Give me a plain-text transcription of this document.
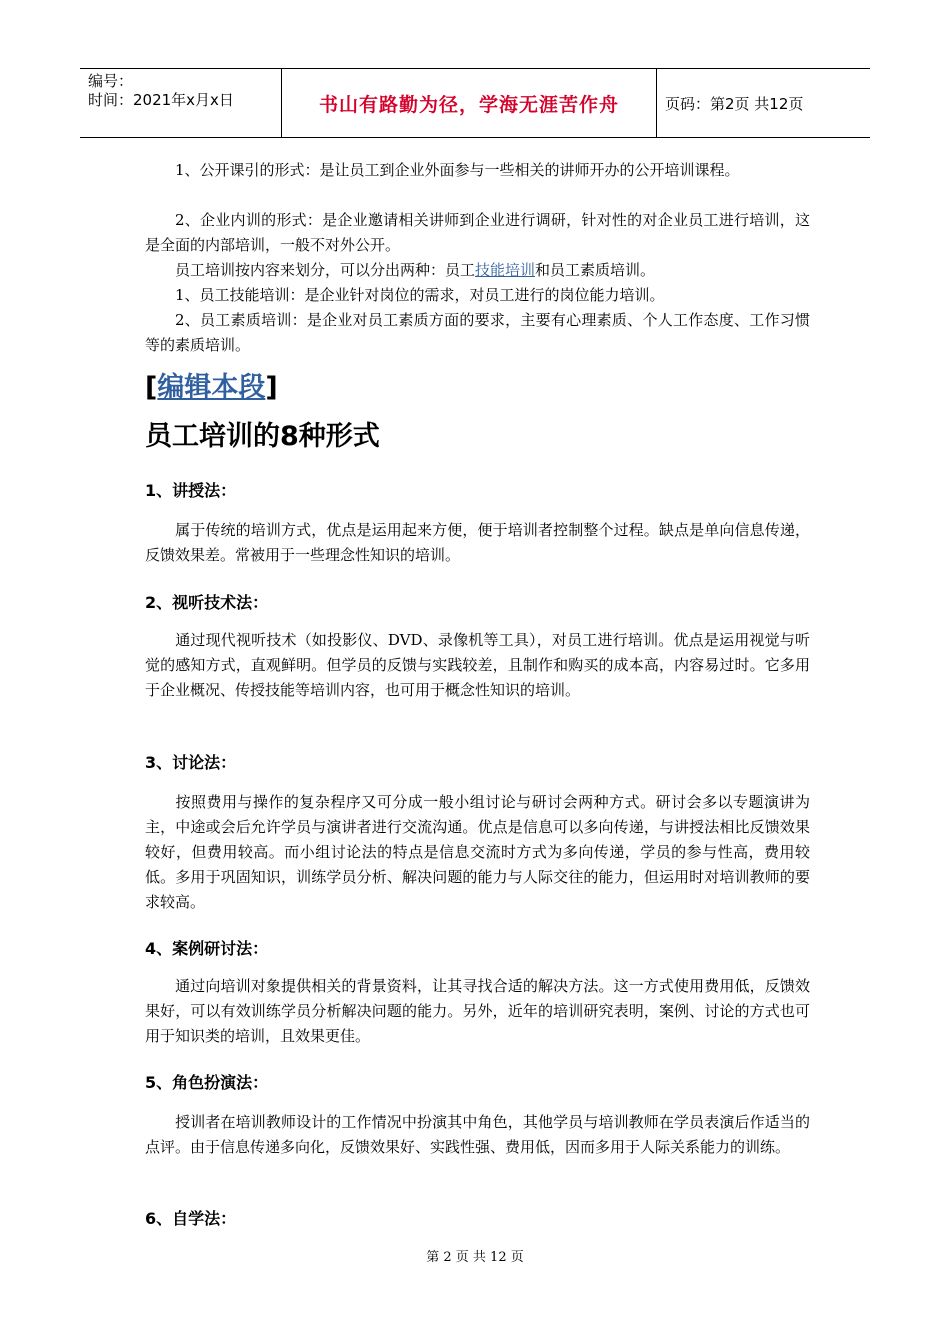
编号：
时间：2021年x月x日	书山有路勤为径，学海无涯苦作舟	页码：第2页 共12页
1、公开课引的形式：是让员工到企业外面参与一些相关的讲师开办的公开培训课程。
2、企业内训的形式：是企业邀请相关讲师到企业进行调研，针对性的对企业员工进行培训，这是全面的内部培训，一般不对外公开。
员工培训按内容来划分，可以分出两种：员工技能培训和员工素质培训。
1、员工技能培训：是企业针对岗位的需求，对员工进行的岗位能力培训。
2、员工素质培训：是企业对员工素质方面的要求，主要有心理素质、个人工作态度、工作习惯等的素质培训。
[编辑本段]
员工培训的8种形式
1、讲授法：
属于传统的培训方式，优点是运用起来方便，便于培训者控制整个过程。缺点是单向信息传递，反馈效果差。常被用于一些理念性知识的培训。
2、视听技术法：
通过现代视听技术（如投影仪、DVD、录像机等工具），对员工进行培训。优点是运用视觉与听觉的感知方式，直观鲜明。但学员的反馈与实践较差，且制作和购买的成本高，内容易过时。它多用于企业概况、传授技能等培训内容，也可用于概念性知识的培训。
3、讨论法：
按照费用与操作的复杂程序又可分成一般小组讨论与研讨会两种方式。研讨会多以专题演讲为主，中途或会后允许学员与演讲者进行交流沟通。优点是信息可以多向传递，与讲授法相比反馈效果较好，但费用较高。而小组讨论法的特点是信息交流时方式为多向传递，学员的参与性高，费用较低。多用于巩固知识，训练学员分析、解决问题的能力与人际交往的能力，但运用时对培训教师的要求较高。
4、案例研讨法：
通过向培训对象提供相关的背景资料，让其寻找合适的解决方法。这一方式使用费用低，反馈效果好，可以有效训练学员分析解决问题的能力。另外，近年的培训研究表明，案例、讨论的方式也可用于知识类的培训，且效果更佳。
5、角色扮演法：
授训者在培训教师设计的工作情况中扮演其中角色，其他学员与培训教师在学员表演后作适当的点评。由于信息传递多向化，反馈效果好、实践性强、费用低，因而多用于人际关系能力的训练。
6、自学法：
第 2 页 共 12 页
